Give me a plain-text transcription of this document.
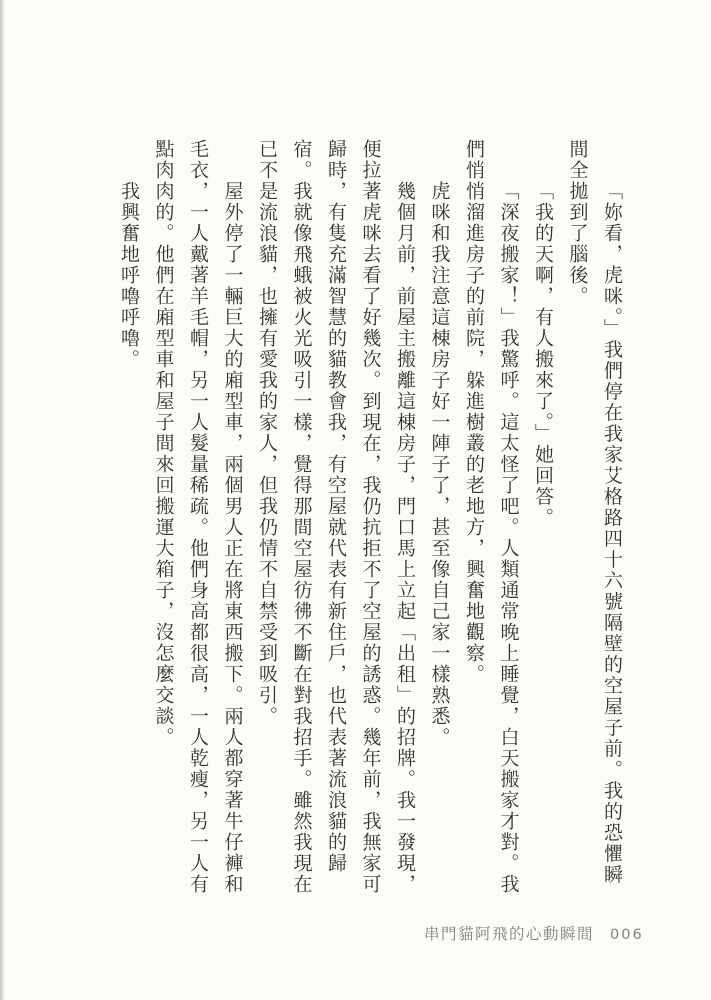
「妳看，虎咪。」我們停在我家艾格路四十六號隔壁的空屋子前。我的恐懼瞬間全拋到了腦後。

「我的天啊，有人搬來了。」她回答。

「深夜搬家！」我驚呼。這太怪了吧。人類通常晚上睡覺，白天搬家才對。我們悄悄溜進房子的前院，躲進樹叢的老地方，興奮地觀察。

虎咪和我注意這棟房子好一陣子了，甚至像自己家一樣熟悉。

幾個月前，前屋主搬離這棟房子，門口馬上立起「出租」的招牌。我一發現，便拉著虎咪去看了好幾次。到現在，我仍抗拒不了空屋的誘惑。幾年前，我無家可歸時，有隻充滿智慧的貓教會我，有空屋就代表有新住戶，也代表著流浪貓的歸宿。我就像飛蛾被火光吸引一樣，覺得那間空屋彷彿不斷在對我招手。雖然我現在已不是流浪貓，也擁有愛我的家人，但我仍情不自禁受到吸引。

屋外停了一輛巨大的廂型車，兩個男人正在將東西搬下。兩人都穿著牛仔褲和毛衣，一人戴著羊毛帽，另一人髮量稀疏。他們身高都很高，一人乾瘦，另一人有點肉肉的。他們在廂型車和屋子間來回搬運大箱子，沒怎麼交談。

我興奮地呼嚕呼嚕。

串門貓阿飛的心動瞬間 006
